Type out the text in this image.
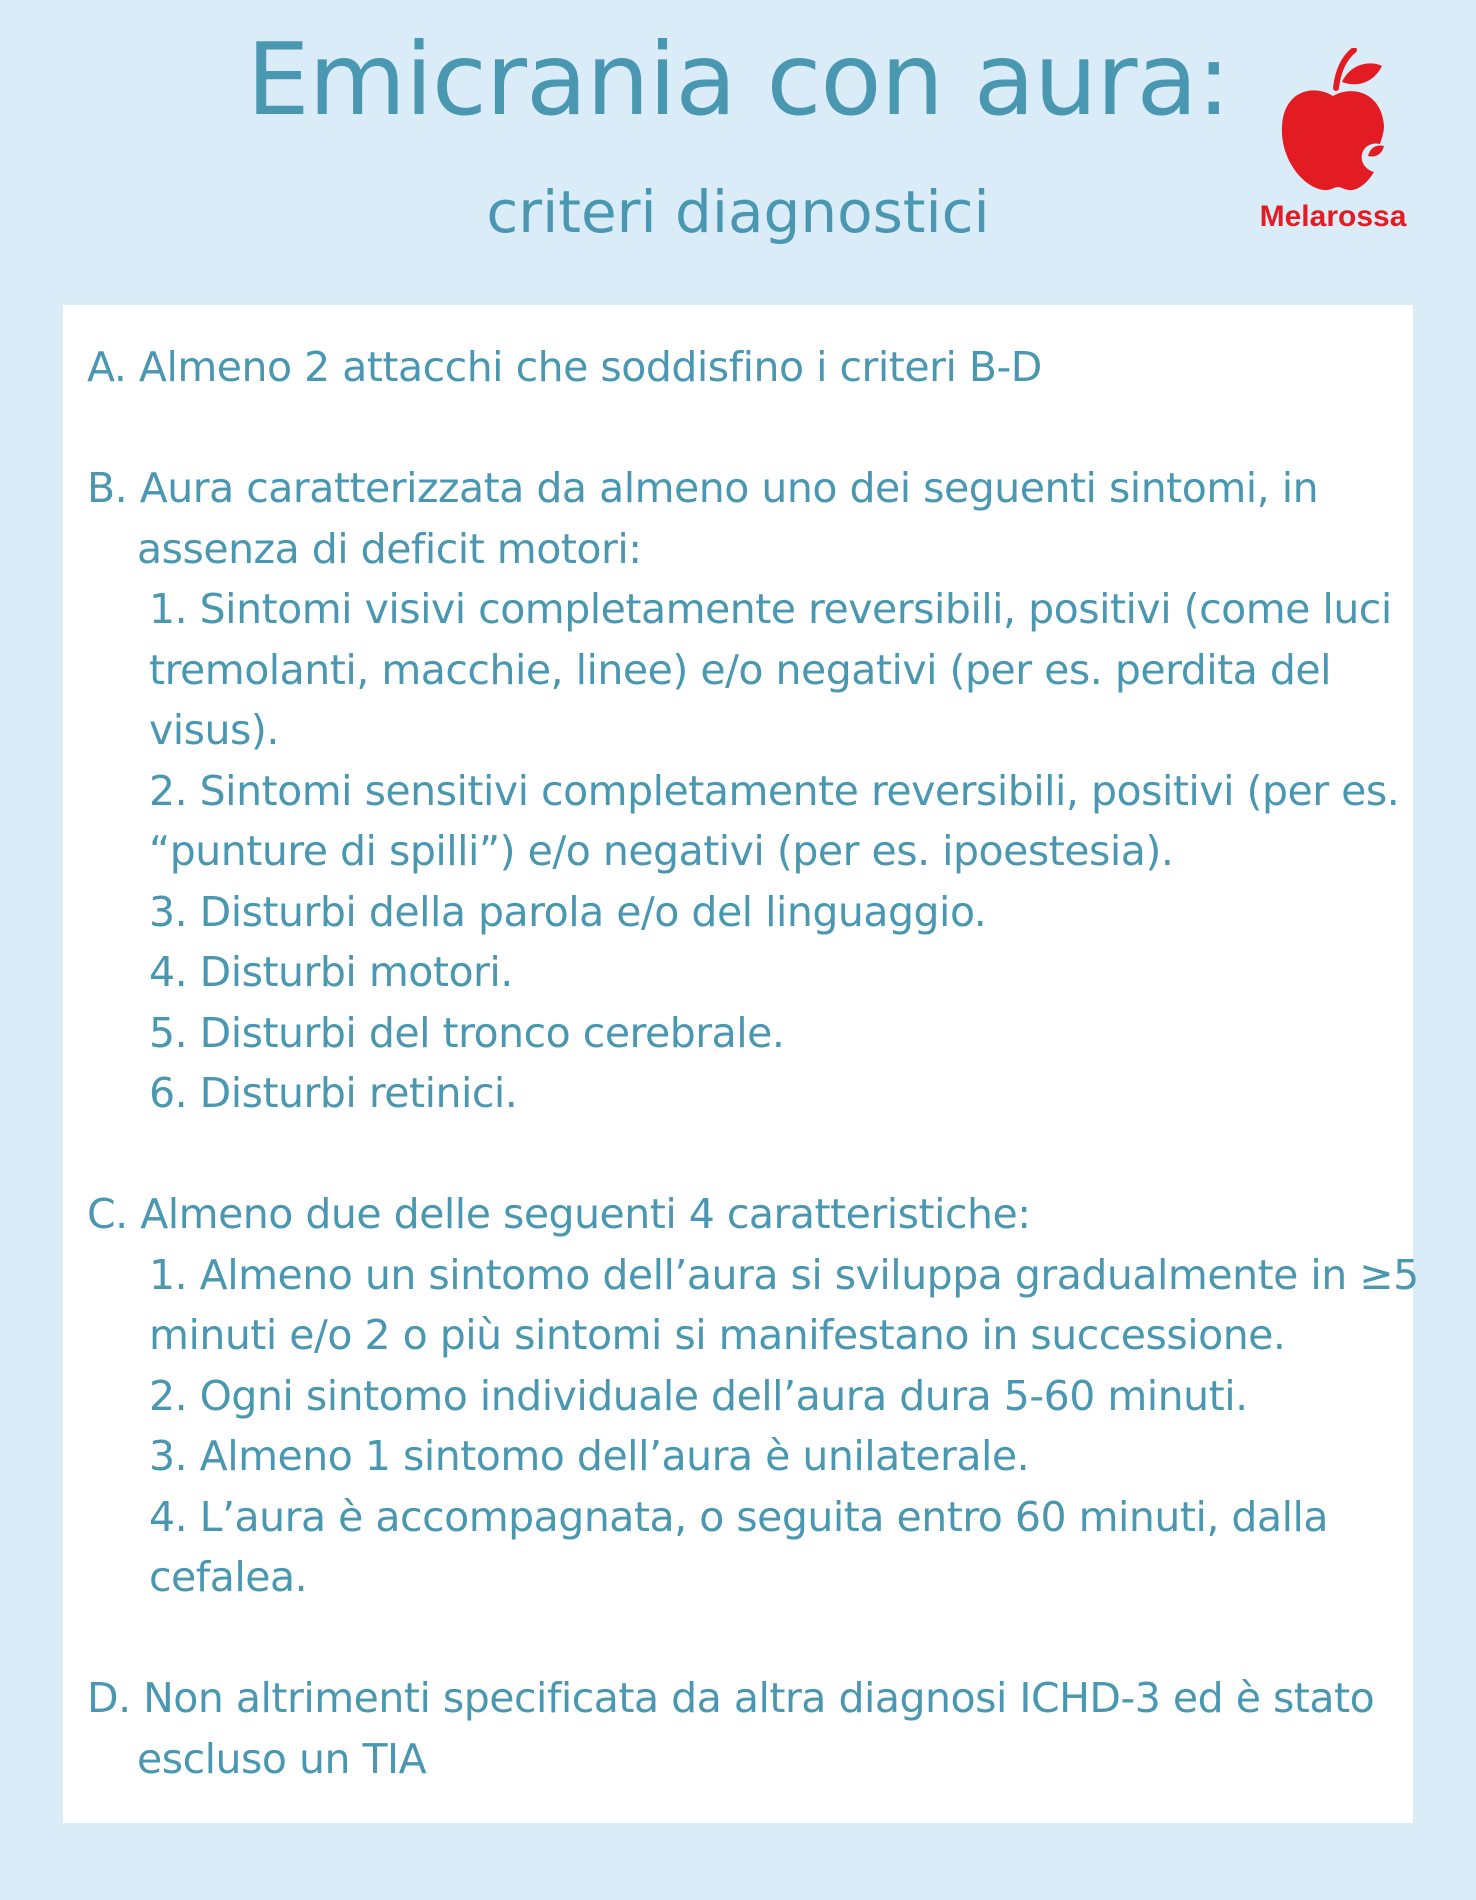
Emicrania con aura:
criteri diagnostici	Melarossa
A. Almeno 2 attacchi che soddisfino i criteri B-D
B. Aura caratterizzata da almeno uno dei seguenti sintomi, in
assenza di deficit motori:
1. Sintomi visivi completamente reversibili, positivi (come luci
tremolanti, macchie, linee) e/o negativi (per es. perdita del
visus).
2. Sintomi sensitivi completamente reversibili, positivi (per es.
“punture di spilli”) e/o negativi (per es. ipoestesia).
3. Disturbi della parola e/o del linguaggio.
4. Disturbi motori.
5. Disturbi del tronco cerebrale.
6. Disturbi retinici.
C. Almeno due delle seguenti 4 caratteristiche:
1. Almeno un sintomo dell’aura si sviluppa gradualmente in ≥5
minuti e/o 2 o più sintomi si manifestano in successione.
2. Ogni sintomo individuale dell’aura dura 5-60 minuti.
3. Almeno 1 sintomo dell’aura è unilaterale.
4. L’aura è accompagnata, o seguita entro 60 minuti, dalla
cefalea.
D. Non altrimenti specificata da altra diagnosi ICHD-3 ed è stato
escluso un TIA
